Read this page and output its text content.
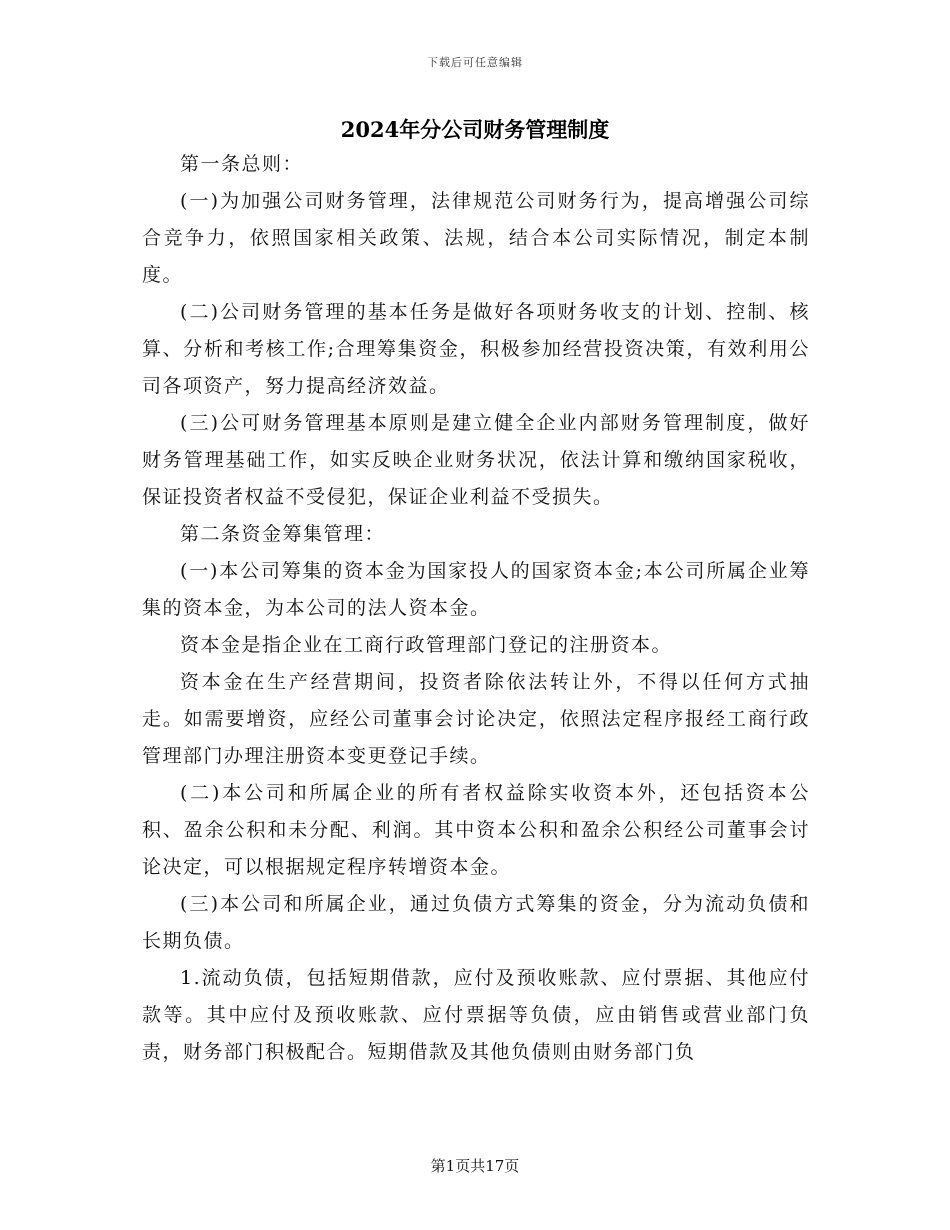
下载后可任意编辑
2024年分公司财务管理制度

第一条总则：

(一)为加强公司财务管理，法律规范公司财务行为，提高增强公司综合竞争力，依照国家相关政策、法规，结合本公司实际情况，制定本制度。

(二)公司财务管理的基本任务是做好各项财务收支的计划、控制、核算、分析和考核工作;合理筹集资金，积极参加经营投资决策，有效利用公司各项资产，努力提高经济效益。

(三)公可财务管理基本原则是建立健全企业内部财务管理制度，做好财务管理基础工作，如实反映企业财务状况，依法计算和缴纳国家税收，保证投资者权益不受侵犯，保证企业利益不受损失。

第二条资金筹集管理：

(一)本公司筹集的资本金为国家投人的国家资本金;本公司所属企业筹集的资本金，为本公司的法人资本金。

资本金是指企业在工商行政管理部门登记的注册资本。

资本金在生产经营期间，投资者除依法转让外，不得以任何方式抽走。如需要增资，应经公司董事会讨论决定，依照法定程序报经工商行政管理部门办理注册资本变更登记手续。

(二)本公司和所属企业的所有者权益除实收资本外，还包括资本公积、盈余公积和未分配、利润。其中资本公积和盈余公积经公司董事会讨论决定，可以根据规定程序转增资本金。

(三)本公司和所属企业，通过负债方式筹集的资金，分为流动负债和长期负债。

1.流动负债，包括短期借款，应付及预收账款、应付票据、其他应付款等。其中应付及预收账款、应付票据等负债，应由销售或营业部门负责，财务部门积极配合。短期借款及其他负债则由财务部门负

第1页共17页
